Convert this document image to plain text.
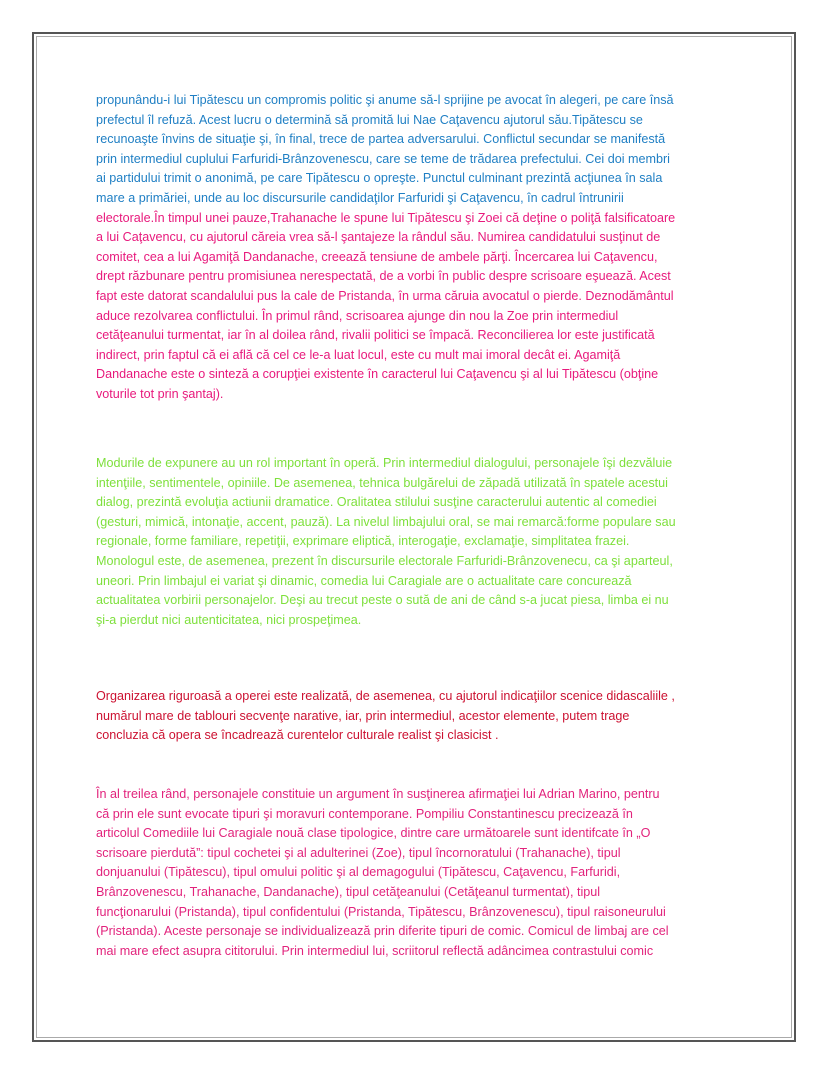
propunându-i lui Tipătescu un compromis politic şi anume să-l sprijine pe avocat în alegeri, pe care însă
prefectul îl refuză. Acest lucru o determină să promită lui Nae Caţavencu ajutorul său.Tipătescu se
recunoaşte învins de situaţie şi, în final, trece de partea adversarului. Conflictul secundar se manifestă
prin intermediul cuplului Farfuridi-Brânzovenescu, care se teme de trădarea prefectului. Cei doi membri
ai partidului trimit o anonimă, pe care Tipătescu o opreşte. Punctul culminant prezintă acţiunea în sala
mare a primăriei, unde au loc discursurile candidaţilor Farfuridi şi Caţavencu, în cadrul întrunirii
electorale.În timpul unei pauze,Trahanache le spune lui Tipătescu şi Zoei că deţine o poliţă falsificatoare
a lui Caţavencu, cu ajutorul căreia vrea să-l şantajeze la rândul său. Numirea candidatului susţinut de
comitet, cea a lui Agamiţă Dandanache, creează tensiune de ambele părţi. Încercarea lui Caţavencu,
drept răzbunare pentru promisiunea nerespectată, de a vorbi în public despre scrisoare eşuează. Acest
fapt este datorat scandalului pus la cale de Pristanda, în urma căruia avocatul o pierde. Deznodământul
aduce rezolvarea conflictului. În primul rând, scrisoarea ajunge din nou la Zoe prin intermediul
cetăţeanului turmentat, iar în al doilea rând, rivalii politici se împacă. Reconcilierea lor este justificată
indirect, prin faptul că ei află că cel ce le-a luat locul, este cu mult mai imoral decât ei. Agamiţă
Dandanache este o sinteză a corupţiei existente în caracterul lui Caţavencu şi al lui Tipătescu (obţine
voturile tot prin şantaj).
Modurile de expunere au un rol important în operă. Prin intermediul dialogului, personajele îşi dezvăluie
intenţiile, sentimentele, opiniile. De asemenea, tehnica bulgărelui de zăpadă utilizată în spatele acestui
dialog, prezintă evoluţia actiunii dramatice. Oralitatea stilului susţine caracterului autentic al comediei
(gesturi, mimică, intonaţie, accent, pauză). La nivelul limbajului oral, se mai remarcă:forme populare sau
regionale, forme familiare, repetiţii, exprimare eliptică, interogaţie, exclamaţie, simplitatea frazei.
Monologul este, de asemenea, prezent în discursurile electorale Farfuridi-Brânzovenecu, ca şi aparteul,
uneori. Prin limbajul ei variat şi dinamic, comedia lui Caragiale are o actualitate care concurează
actualitatea vorbirii personajelor. Deşi au trecut peste o sută de ani de când s-a jucat piesa, limba ei nu
şi-a pierdut nici autenticitatea, nici prospeţimea.
Organizarea riguroasă a operei este realizată, de asemenea, cu ajutorul indicaţiilor scenice didascaliile ,
numărul mare de tablouri secvenţe narative, iar, prin intermediul, acestor elemente, putem trage
concluzia că opera se încadrează curentelor culturale realist şi clasicist .
În al treilea rând, personajele constituie un argument în susţinerea afirmaţiei lui Adrian Marino, pentru
că prin ele sunt evocate tipuri şi moravuri contemporane. Pompiliu Constantinescu precizează în
articolul Comediile lui Caragiale nouă clase tipologice, dintre care următoarele sunt identifcate în „O
scrisoare pierdută”: tipul cochetei şi al adulterinei (Zoe), tipul încornoratului (Trahanache), tipul
donjuanului (Tipătescu), tipul omului politic şi al demagogului (Tipătescu, Caţavencu, Farfuridi,
Brânzovenescu, Trahanache, Dandanache), tipul cetăţeanului (Cetăţeanul turmentat), tipul
funcţionarului (Pristanda), tipul confidentului (Pristanda, Tipătescu, Brânzovenescu), tipul raisoneurului
(Pristanda). Aceste personaje se individualizează prin diferite tipuri de comic. Comicul de limbaj are cel
mai mare efect asupra cititorului. Prin intermediul lui, scriitorul reflectă adâncimea contrastului comic
